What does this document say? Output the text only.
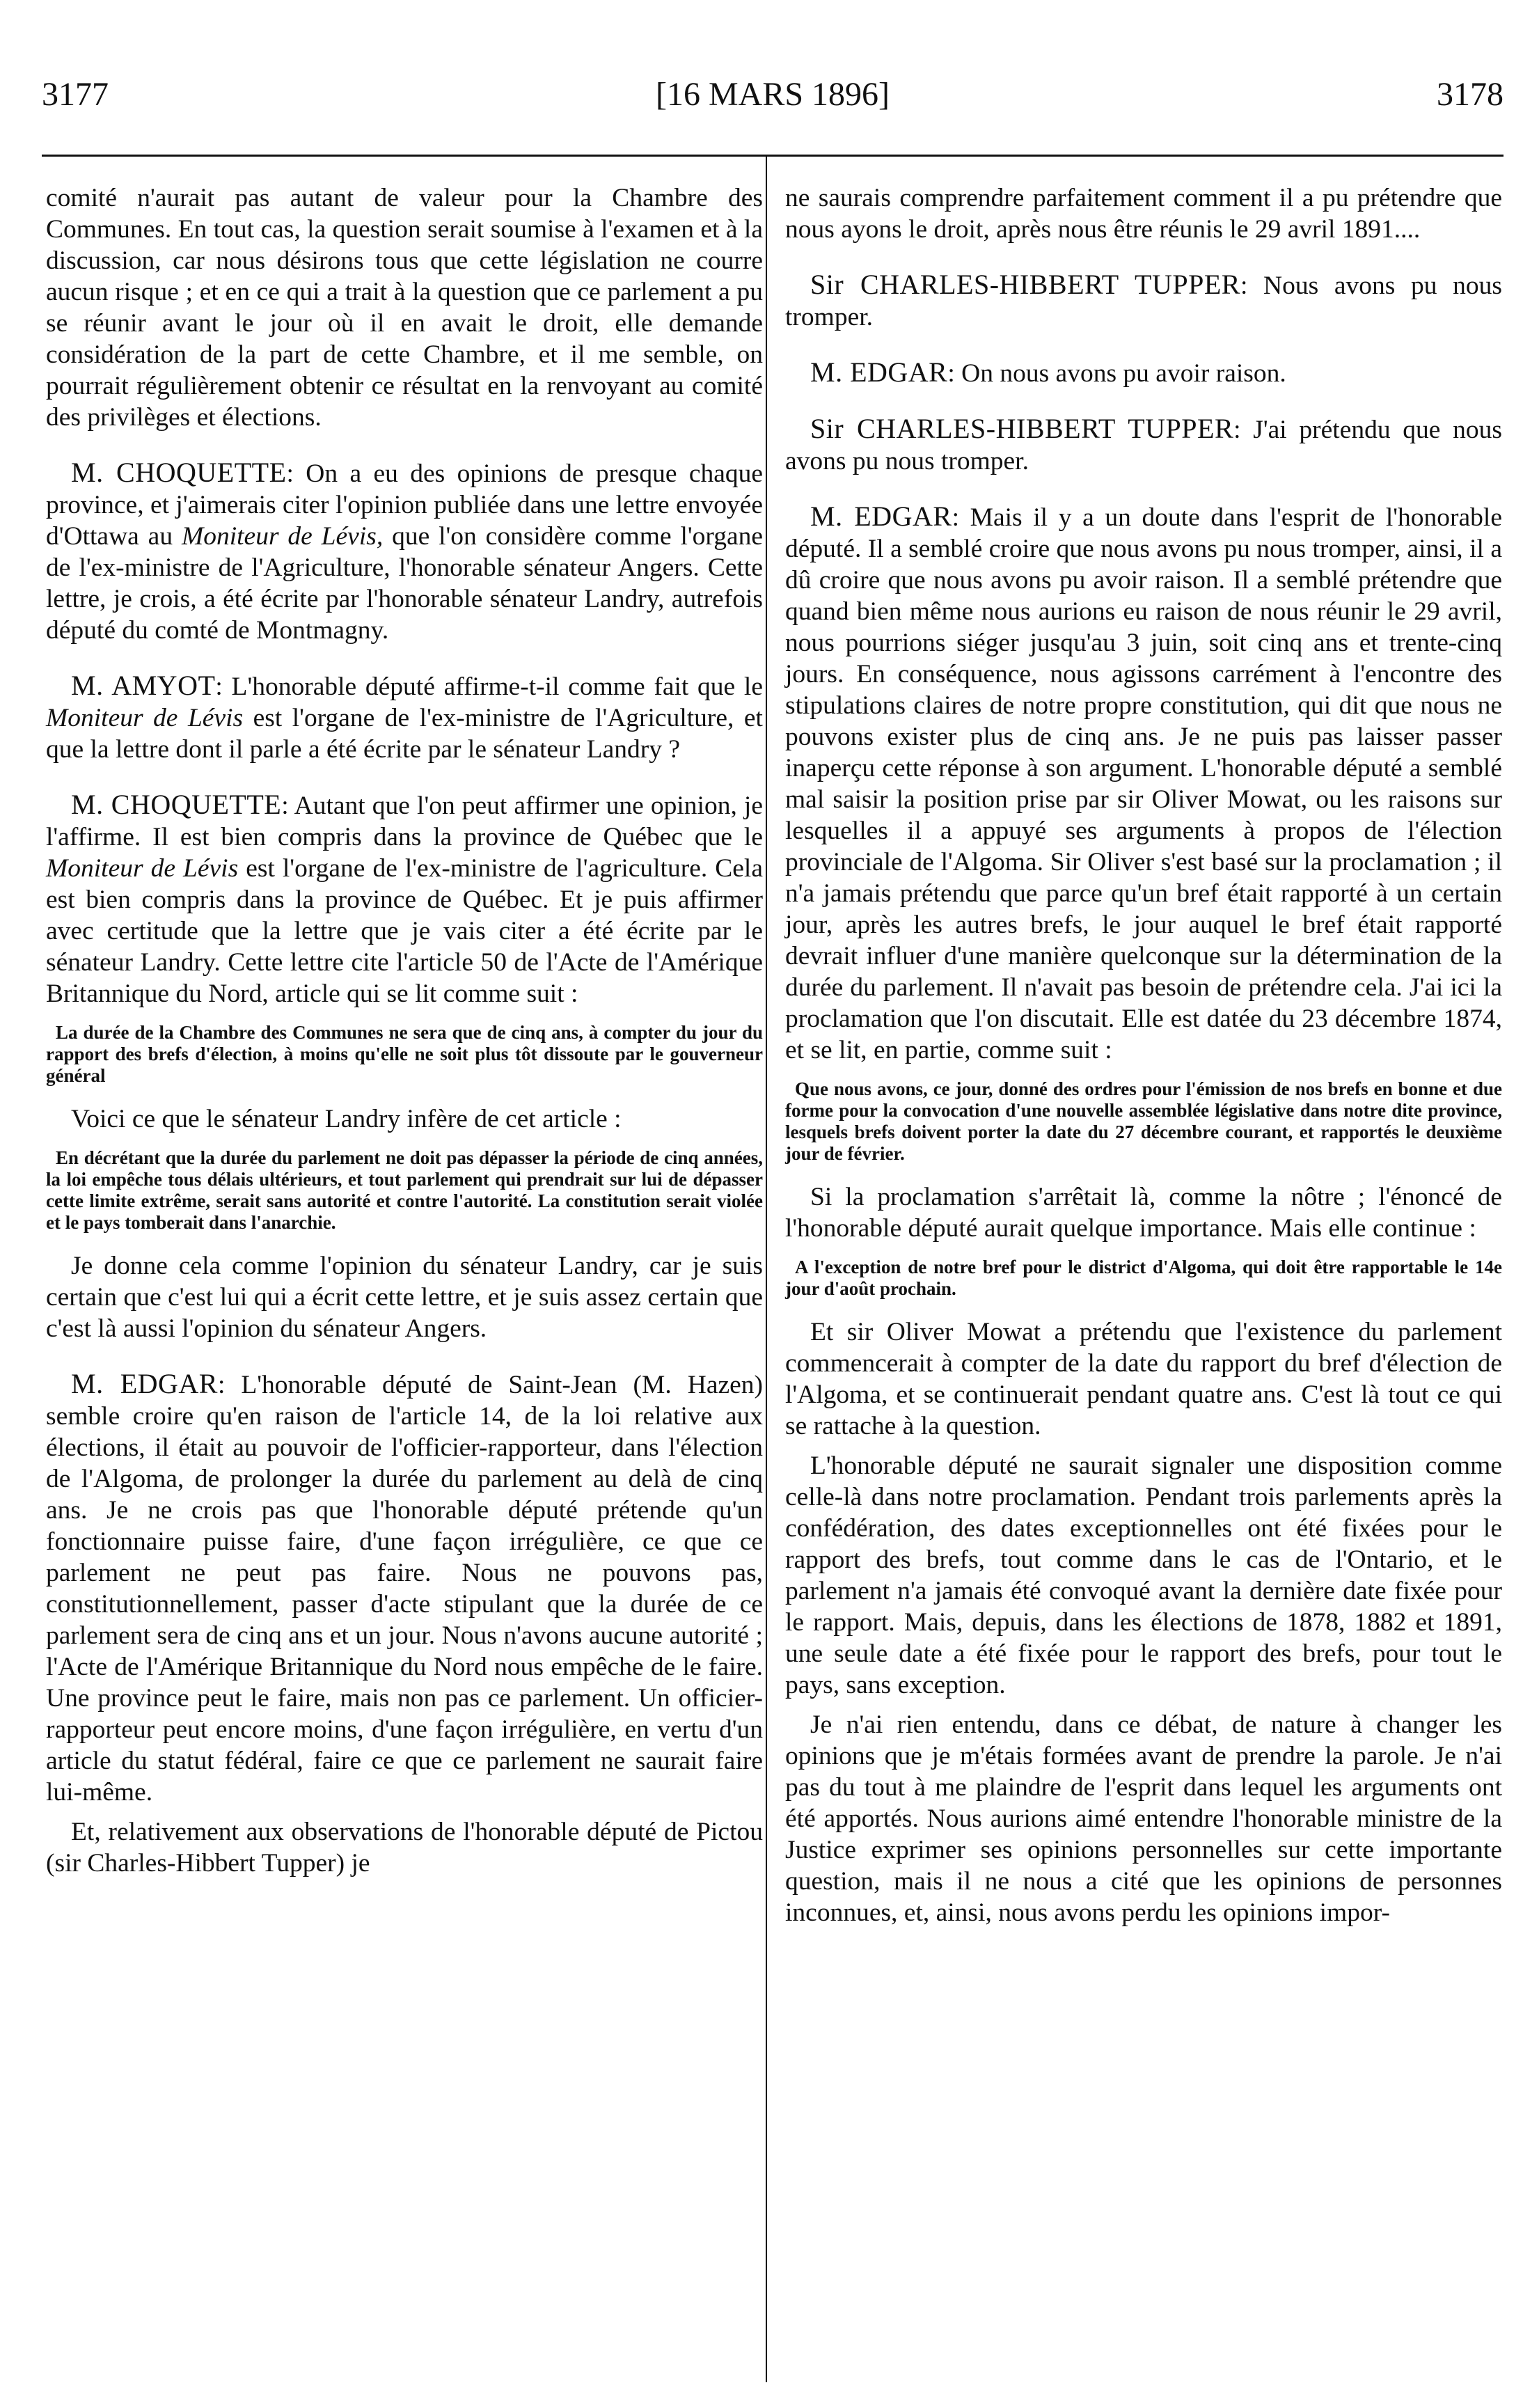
3177	[16 MARS 1896]	3178

comité n'aurait pas autant de valeur pour la Chambre des Communes. En tout cas, la question serait soumise à l'examen et à la discussion, car nous désirons tous que cette législation ne courre aucun risque ; et en ce qui a trait à la question que ce parlement a pu se réunir avant le jour où il en avait le droit, elle demande considération de la part de cette Chambre, et il me semble, on pourrait régulièrement obtenir ce résultat en la renvoyant au comité des privilèges et élections.

M. CHOQUETTE: On a eu des opinions de presque chaque province, et j'aimerais citer l'opinion publiée dans une lettre envoyée d'Ottawa au Moniteur de Lévis, que l'on considère comme l'organe de l'ex-ministre de l'Agriculture, l'honorable sénateur Angers. Cette lettre, je crois, a été écrite par l'honorable sénateur Landry, autrefois député du comté de Montmagny.

M. AMYOT: L'honorable député affirme-t-il comme fait que le Moniteur de Lévis est l'organe de l'ex-ministre de l'Agriculture, et que la lettre dont il parle a été écrite par le sénateur Landry ?

M. CHOQUETTE: Autant que l'on peut affirmer une opinion, je l'affirme. Il est bien compris dans la province de Québec que le Moniteur de Lévis est l'organe de l'ex-ministre de l'agriculture. Cela est bien compris dans la province de Québec. Et je puis affirmer avec certitude que la lettre que je vais citer a été écrite par le sénateur Landry. Cette lettre cite l'article 50 de l'Acte de l'Amérique Britannique du Nord, article qui se lit comme suit :

La durée de la Chambre des Communes ne sera que de cinq ans, à compter du jour du rapport des brefs d'élection, à moins qu'elle ne soit plus tôt dissoute par le gouverneur général

Voici ce que le sénateur Landry infère de cet article :

En décrétant que la durée du parlement ne doit pas dépasser la période de cinq années, la loi empêche tous délais ultérieurs, et tout parlement qui prendrait sur lui de dépasser cette limite extrême, serait sans autorité et contre l'autorité. La constitution serait violée et le pays tomberait dans l'anarchie.

Je donne cela comme l'opinion du sénateur Landry, car je suis certain que c'est lui qui a écrit cette lettre, et je suis assez certain que c'est là aussi l'opinion du sénateur Angers.

M. EDGAR: L'honorable député de Saint-Jean (M. Hazen) semble croire qu'en raison de l'article 14, de la loi relative aux élections, il était au pouvoir de l'officier-rapporteur, dans l'élection de l'Algoma, de prolonger la durée du parlement au delà de cinq ans. Je ne crois pas que l'honorable député prétende qu'un fonctionnaire puisse faire, d'une façon irrégulière, ce que ce parlement ne peut pas faire. Nous ne pouvons pas, constitutionnellement, passer d'acte stipulant que la durée de ce parlement sera de cinq ans et un jour. Nous n'avons aucune autorité ; l'Acte de l'Amérique Britannique du Nord nous empêche de le faire. Une province peut le faire, mais non pas ce parlement. Un officier-rapporteur peut encore moins, d'une façon irrégulière, en vertu d'un article du statut fédéral, faire ce que ce parlement ne saurait faire lui-même.

Et, relativement aux observations de l'honorable député de Pictou (sir Charles-Hibbert Tupper) je

ne saurais comprendre parfaitement comment il a pu prétendre que nous ayons le droit, après nous être réunis le 29 avril 1891....

Sir CHARLES-HIBBERT TUPPER: Nous avons pu nous tromper.

M. EDGAR: On nous avons pu avoir raison.

Sir CHARLES-HIBBERT TUPPER: J'ai prétendu que nous avons pu nous tromper.

M. EDGAR: Mais il y a un doute dans l'esprit de l'honorable député. Il a semblé croire que nous avons pu nous tromper, ainsi, il a dû croire que nous avons pu avoir raison. Il a semblé prétendre que quand bien même nous aurions eu raison de nous réunir le 29 avril, nous pourrions siéger jusqu'au 3 juin, soit cinq ans et trente-cinq jours. En conséquence, nous agissons carrément à l'encontre des stipulations claires de notre propre constitution, qui dit que nous ne pouvons exister plus de cinq ans. Je ne puis pas laisser passer inaperçu cette réponse à son argument. L'honorable député a semblé mal saisir la position prise par sir Oliver Mowat, ou les raisons sur lesquelles il a appuyé ses arguments à propos de l'élection provinciale de l'Algoma. Sir Oliver s'est basé sur la proclamation ; il n'a jamais prétendu que parce qu'un bref était rapporté à un certain jour, après les autres brefs, le jour auquel le bref était rapporté devrait influer d'une manière quelconque sur la détermination de la durée du parlement. Il n'avait pas besoin de prétendre cela. J'ai ici la proclamation que l'on discutait. Elle est datée du 23 décembre 1874, et se lit, en partie, comme suit :

Que nous avons, ce jour, donné des ordres pour l'émission de nos brefs en bonne et due forme pour la convocation d'une nouvelle assemblée législative dans notre dite province, lesquels brefs doivent porter la date du 27 décembre courant, et rapportés le deuxième jour de février.

Si la proclamation s'arrêtait là, comme la nôtre ; l'énoncé de l'honorable député aurait quelque importance. Mais elle continue :

A l'exception de notre bref pour le district d'Algoma, qui doit être rapportable le 14e jour d'août prochain.

Et sir Oliver Mowat a prétendu que l'existence du parlement commencerait à compter de la date du rapport du bref d'élection de l'Algoma, et se continuerait pendant quatre ans. C'est là tout ce qui se rattache à la question.

L'honorable député ne saurait signaler une disposition comme celle-là dans notre proclamation. Pendant trois parlements après la confédération, des dates exceptionnelles ont été fixées pour le rapport des brefs, tout comme dans le cas de l'Ontario, et le parlement n'a jamais été convoqué avant la dernière date fixée pour le rapport. Mais, depuis, dans les élections de 1878, 1882 et 1891, une seule date a été fixée pour le rapport des brefs, pour tout le pays, sans exception.

Je n'ai rien entendu, dans ce débat, de nature à changer les opinions que je m'étais formées avant de prendre la parole. Je n'ai pas du tout à me plaindre de l'esprit dans lequel les arguments ont été apportés. Nous aurions aimé entendre l'honorable ministre de la Justice exprimer ses opinions personnelles sur cette importante question, mais il ne nous a cité que les opinions de personnes inconnues, et, ainsi, nous avons perdu les opinions impor-
